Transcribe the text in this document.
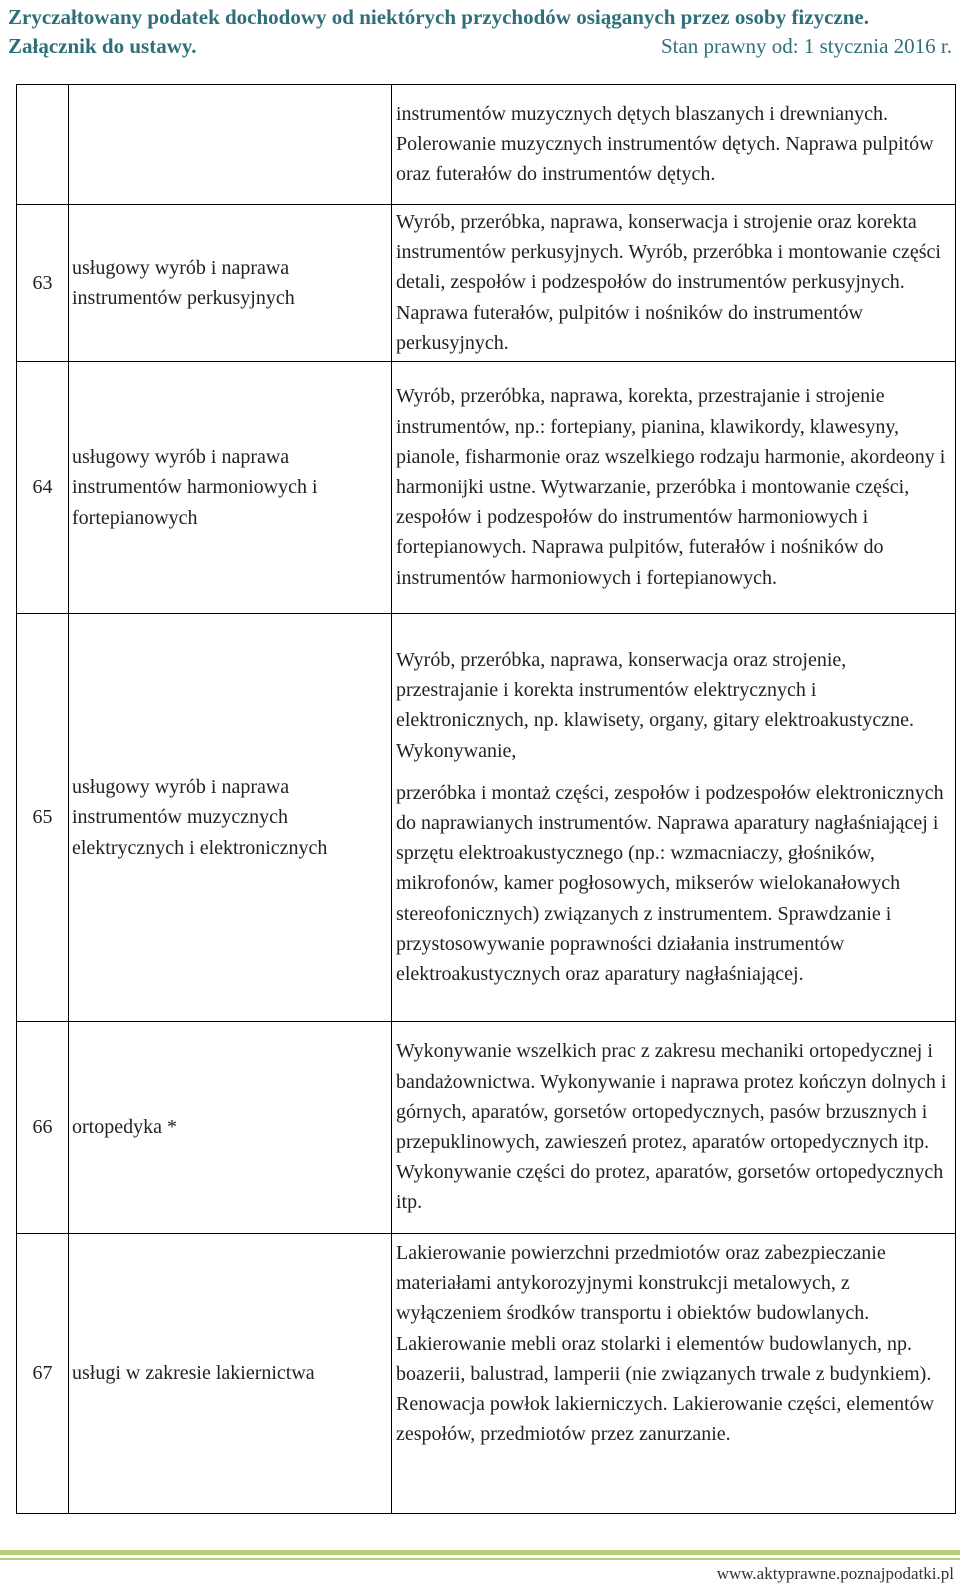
Zryczałtowany podatek dochodowy od niektórych przychodów osiąganych przez osoby fizyczne.
Załącznik do ustawy.	Stan prawny od: 1 stycznia 2016 r.
		instrumentów muzycznych dętych blaszanych i drewnianych. Polerowanie muzycznych instrumentów dętych. Naprawa pulpitów oraz futerałów do instrumentów dętych.
63	usługowy wyrób i naprawa instrumentów perkusyjnych	Wyrób, przeróbka, naprawa, konserwacja i strojenie oraz korekta instrumentów perkusyjnych. Wyrób, przeróbka i montowanie części detali, zespołów i podzespołów do instrumentów perkusyjnych. Naprawa futerałów, pulpitów i nośników do instrumentów perkusyjnych.
64	usługowy wyrób i naprawa instrumentów harmoniowych i fortepianowych	Wyrób, przeróbka, naprawa, korekta, przestrajanie i strojenie instrumentów, np.: fortepiany, pianina, klawikordy, klawesyny, pianole, fisharmonie oraz wszelkiego rodzaju harmonie, akordeony i harmonijki ustne. Wytwarzanie, przeróbka i montowanie części, zespołów i podzespołów do instrumentów harmoniowych i fortepianowych. Naprawa pulpitów, futerałów i nośników do instrumentów harmoniowych i fortepianowych.
65	usługowy wyrób i naprawa instrumentów muzycznych elektrycznych i elektronicznych	Wyrób, przeróbka, naprawa, konserwacja oraz strojenie, przestrajanie i korekta instrumentów elektrycznych i elektronicznych, np. klawisety, organy, gitary elektroakustyczne. Wykonywanie,
przeróbka i montaż części, zespołów i podzespołów elektronicznych do naprawianych instrumentów. Naprawa aparatury nagłaśniającej i sprzętu elektroakustycznego (np.: wzmacniaczy, głośników, mikrofonów, kamer pogłosowych, mikserów wielokanałowych stereofonicznych) związanych z instrumentem. Sprawdzanie i przystosowywanie poprawności działania instrumentów elektroakustycznych oraz aparatury nagłaśniającej.
66	ortopedyka *	Wykonywanie wszelkich prac z zakresu mechaniki ortopedycznej i bandażownictwa. Wykonywanie i naprawa protez kończyn dolnych i górnych, aparatów, gorsetów ortopedycznych, pasów brzusznych i przepuklinowych, zawieszeń protez, aparatów ortopedycznych itp. Wykonywanie części do protez, aparatów, gorsetów ortopedycznych itp.
67	usługi w zakresie lakiernictwa	Lakierowanie powierzchni przedmiotów oraz zabezpieczanie materiałami antykorozyjnymi konstrukcji metalowych, z wyłączeniem środków transportu i obiektów budowlanych. Lakierowanie mebli oraz stolarki i elementów budowlanych, np. boazerii, balustrad, lamperii (nie związanych trwale z budynkiem). Renowacja powłok lakierniczych. Lakierowanie części, elementów zespołów, przedmiotów przez zanurzanie.
www.aktyprawne.poznajpodatki.pl
